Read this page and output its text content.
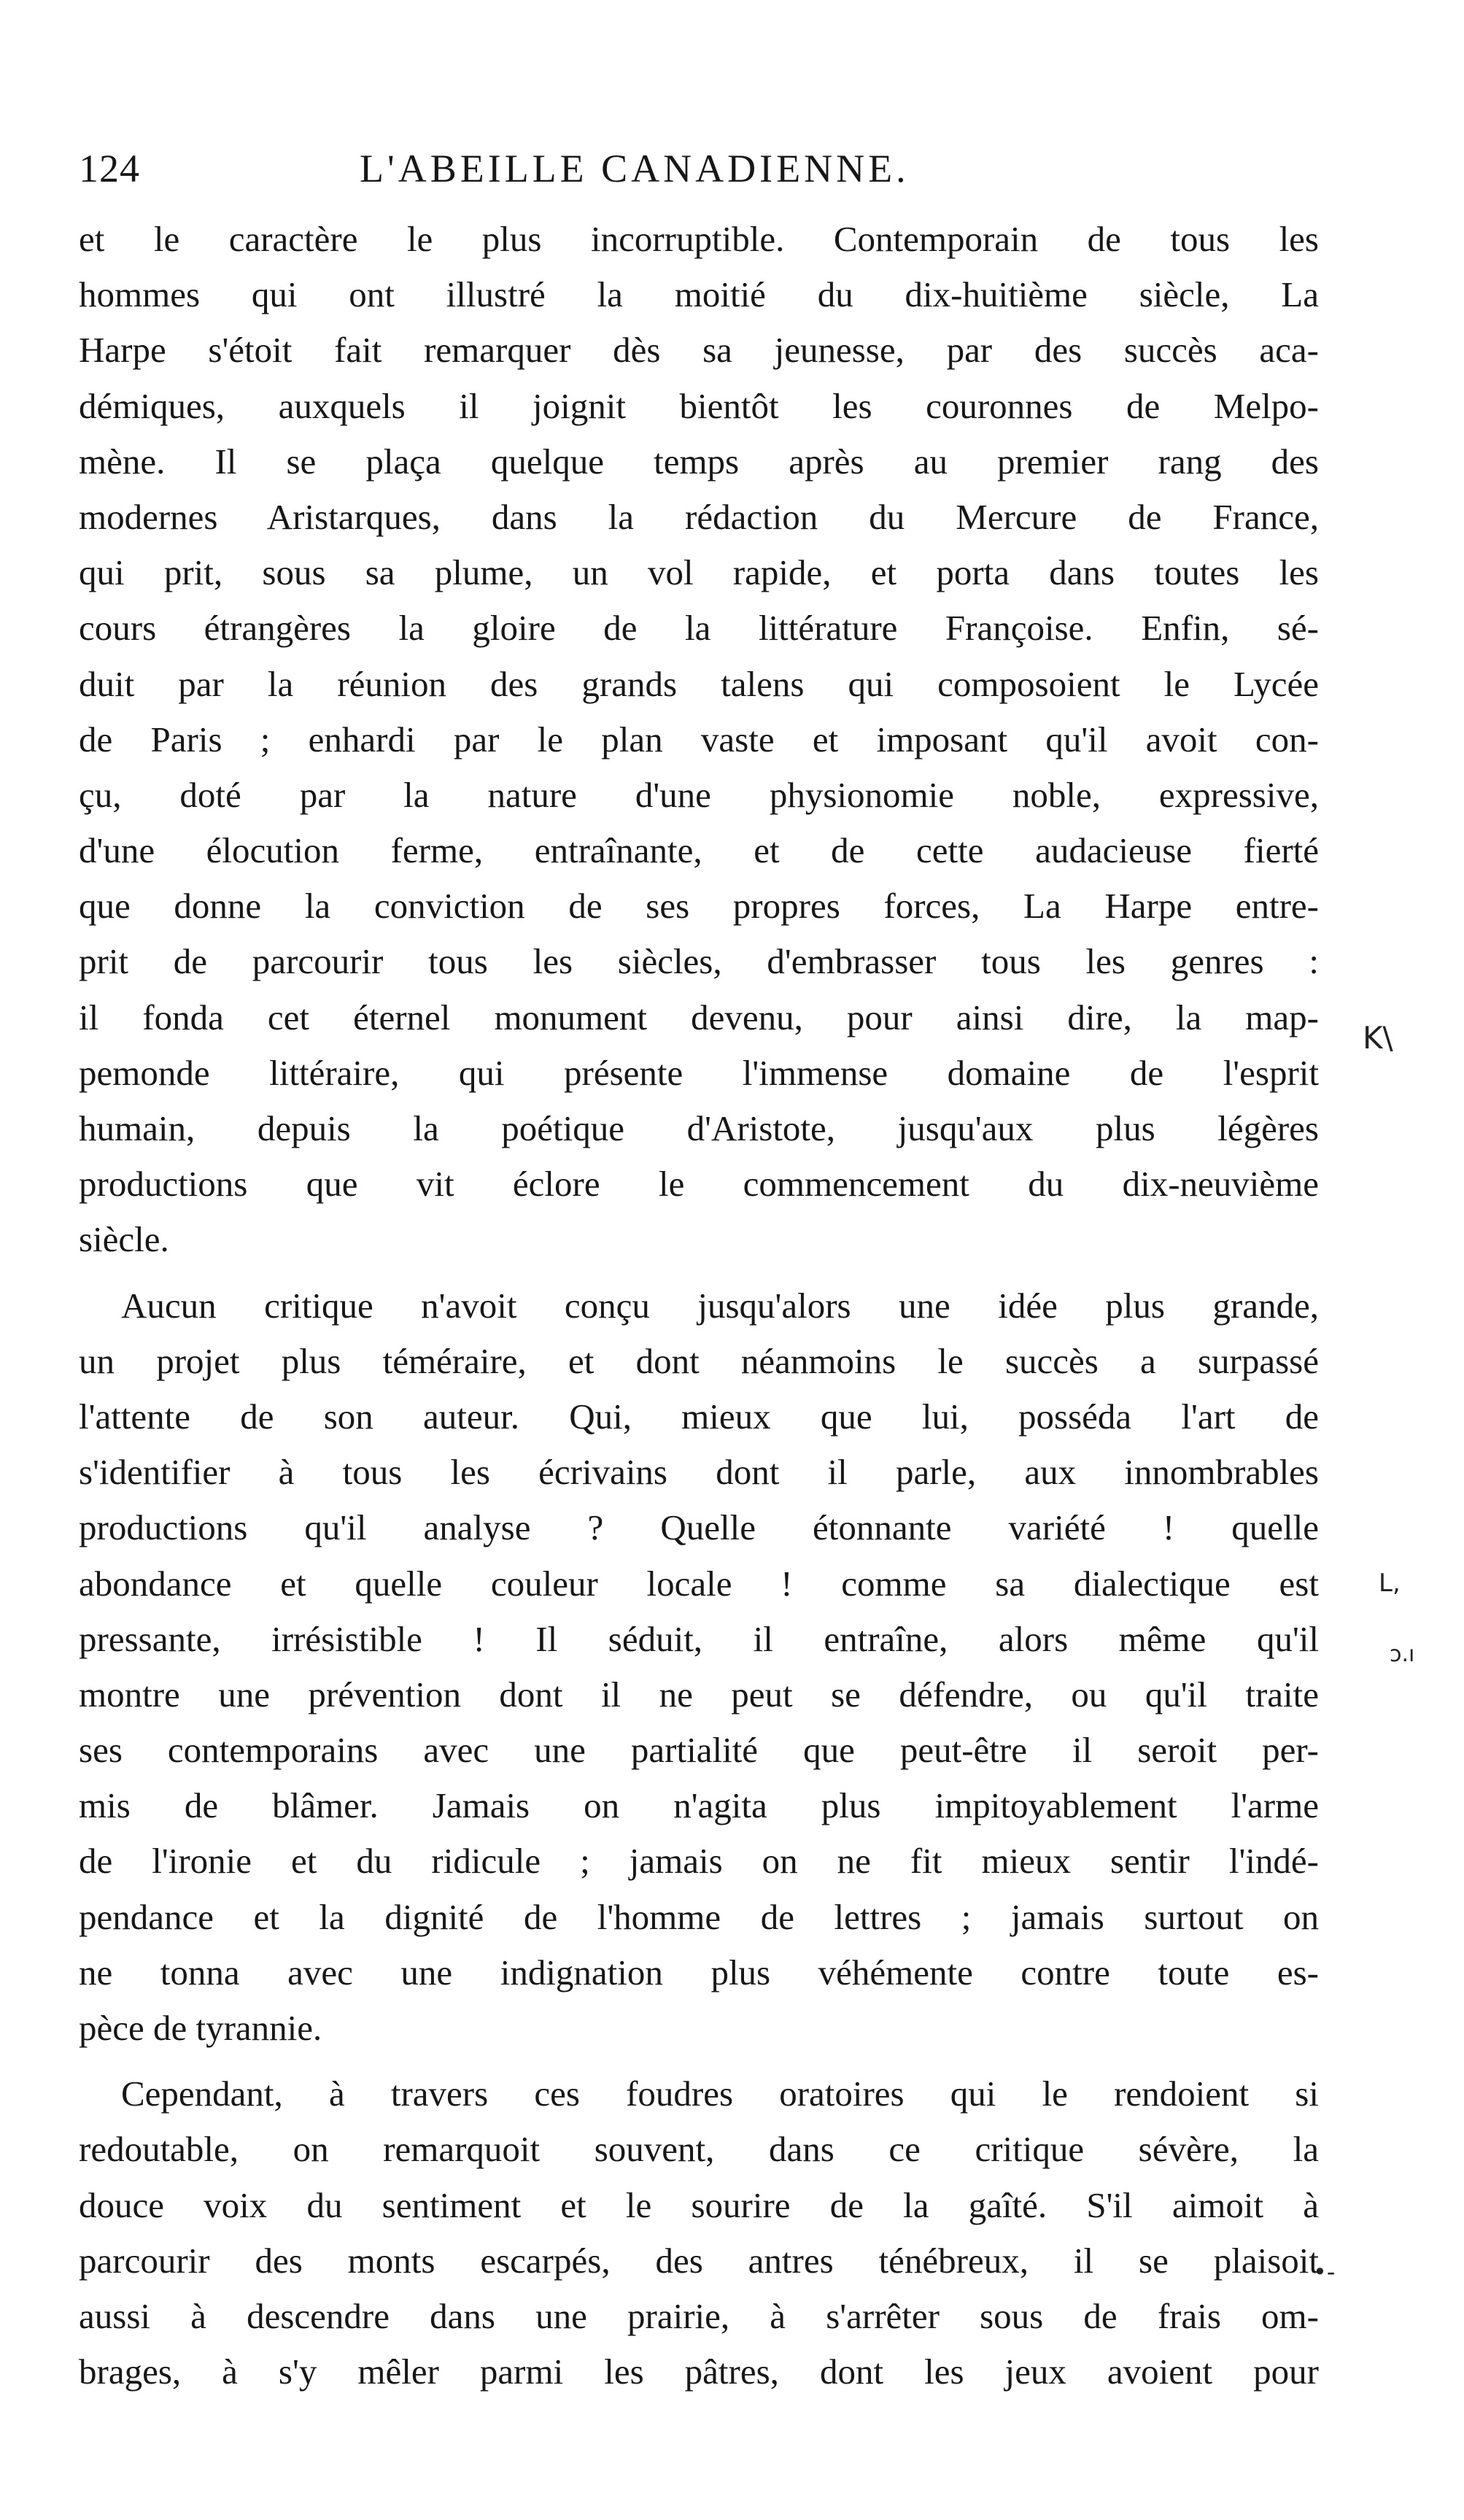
124	L'ABEILLE CANADIENNE.
et le caractère le plus incorruptible. Contemporain de tous les
hommes qui ont illustré la moitié du dix-huitième siècle, La
Harpe s'étoit fait remarquer dès sa jeunesse, par des succès aca-
démiques, auxquels il joignit bientôt les couronnes de Melpo-
mène. Il se plaça quelque temps après au premier rang des
modernes Aristarques, dans la rédaction du Mercure de France,
qui prit, sous sa plume, un vol rapide, et porta dans toutes les
cours étrangères la gloire de la littérature Françoise. Enfin, sé-
duit par la réunion des grands talens qui composoient le Lycée
de Paris ; enhardi par le plan vaste et imposant qu'il avoit con-
çu, doté par la nature d'une physionomie noble, expressive,
d'une élocution ferme, entraînante, et de cette audacieuse fierté
que donne la conviction de ses propres forces, La Harpe entre-
prit de parcourir tous les siècles, d'embrasser tous les genres :
il fonda cet éternel monument devenu, pour ainsi dire, la map-
pemonde littéraire, qui présente l'immense domaine de l'esprit
humain, depuis la poétique d'Aristote, jusqu'aux plus légères
productions que vit éclore le commencement du dix-neuvième
siècle.
Aucun critique n'avoit conçu jusqu'alors une idée plus grande,
un projet plus téméraire, et dont néanmoins le succès a surpassé
l'attente de son auteur. Qui, mieux que lui, posséda l'art de
s'identifier à tous les écrivains dont il parle, aux innombrables
productions qu'il analyse ? Quelle étonnante variété ! quelle
abondance et quelle couleur locale ! comme sa dialectique est
pressante, irrésistible ! Il séduit, il entraîne, alors même qu'il
montre une prévention dont il ne peut se défendre, ou qu'il traite
ses contemporains avec une partialité que peut-être il seroit per-
mis de blâmer. Jamais on n'agita plus impitoyablement l'arme
de l'ironie et du ridicule ; jamais on ne fit mieux sentir l'indé-
pendance et la dignité de l'homme de lettres ; jamais surtout on
ne tonna avec une indignation plus véhémente contre toute es-
pèce de tyrannie.
Cependant, à travers ces foudres oratoires qui le rendoient si
redoutable, on remarquoit souvent, dans ce critique sévère, la
douce voix du sentiment et le sourire de la gaîté. S'il aimoit à
parcourir des monts escarpés, des antres ténébreux, il se plaisoit
aussi à descendre dans une prairie, à s'arrêter sous de frais om-
brages, à s'y mêler parmi les pâtres, dont les jeux avoient pour
K\
L,
ɔ.ı
•-
